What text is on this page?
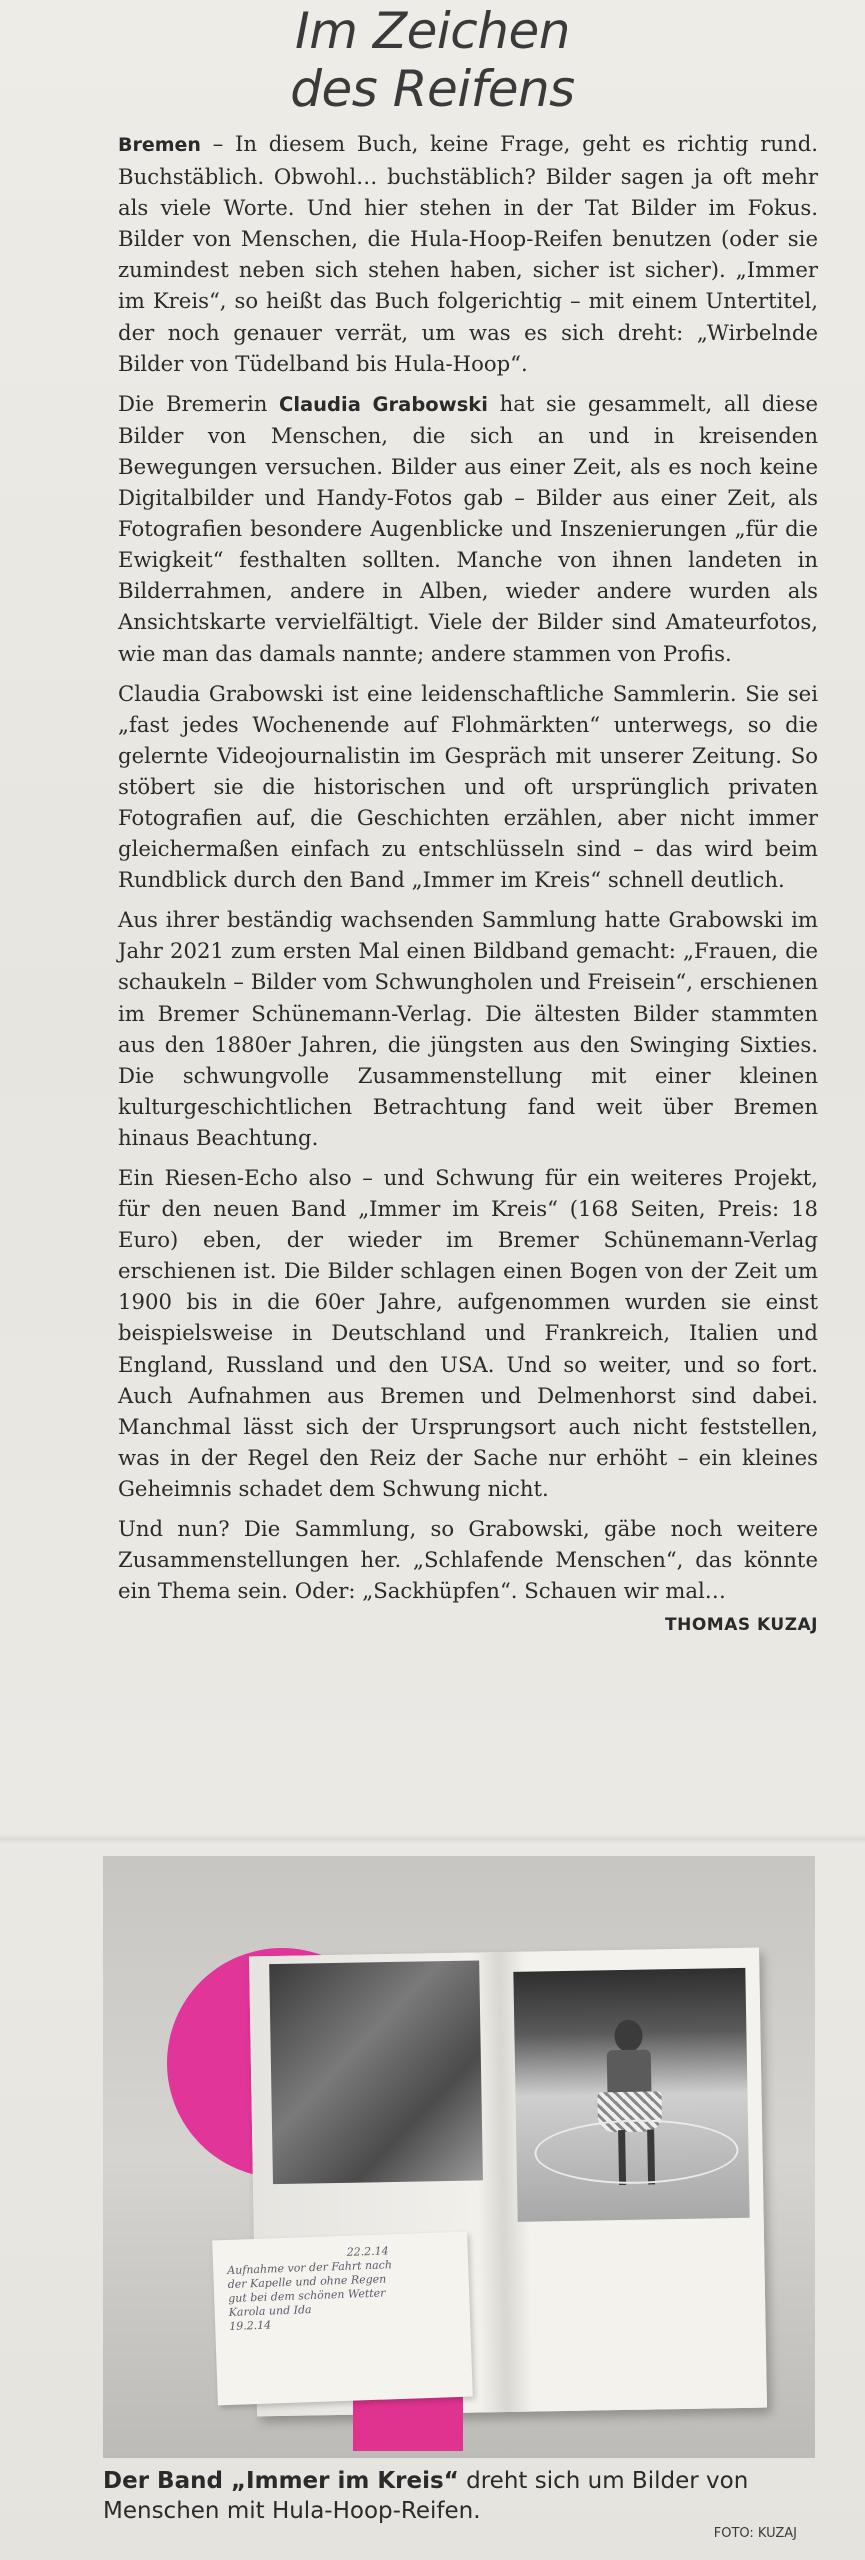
Im Zeichen
des Reifens

Bremen – In diesem Buch, keine Frage, geht es richtig rund. Buchstäblich. Obwohl… buchstäblich? Bilder sagen ja oft mehr als viele Worte. Und hier stehen in der Tat Bilder im Fokus. Bilder von Menschen, die Hula-Hoop-Reifen benutzen (oder sie zumindest neben sich stehen haben, sicher ist sicher). „Immer im Kreis“, so heißt das Buch folgerichtig – mit einem Untertitel, der noch genauer verrät, um was es sich dreht: „Wirbelnde Bilder von Tüdelband bis Hula-Hoop“.

Die Bremerin Claudia Grabowski hat sie gesammelt, all diese Bilder von Menschen, die sich an und in kreisenden Bewegungen versuchen. Bilder aus einer Zeit, als es noch keine Digitalbilder und Handy-Fotos gab – Bilder aus einer Zeit, als Fotografien besondere Augenblicke und Inszenierungen „für die Ewigkeit“ festhalten sollten. Manche von ihnen landeten in Bilderrahmen, andere in Alben, wieder andere wurden als Ansichtskarte vervielfältigt. Viele der Bilder sind Amateurfotos, wie man das damals nannte; andere stammen von Profis.

Claudia Grabowski ist eine leidenschaftliche Sammlerin. Sie sei „fast jedes Wochenende auf Flohmärkten“ unterwegs, so die gelernte Videojournalistin im Gespräch mit unserer Zeitung. So stöbert sie die historischen und oft ursprünglich privaten Fotografien auf, die Geschichten erzählen, aber nicht immer gleichermaßen einfach zu entschlüsseln sind – das wird beim Rundblick durch den Band „Immer im Kreis“ schnell deutlich.

Aus ihrer beständig wachsenden Sammlung hatte Grabowski im Jahr 2021 zum ersten Mal einen Bildband gemacht: „Frauen, die schaukeln – Bilder vom Schwungholen und Freisein“, erschienen im Bremer Schünemann-Verlag. Die ältesten Bilder stammten aus den 1880er Jahren, die jüngsten aus den Swinging Sixties. Die schwungvolle Zusammenstellung mit einer kleinen kulturgeschichtlichen Betrachtung fand weit über Bremen hinaus Beachtung.

Ein Riesen-Echo also – und Schwung für ein weiteres Projekt, für den neuen Band „Immer im Kreis“ (168 Seiten, Preis: 18 Euro) eben, der wieder im Bremer Schünemann-Verlag erschienen ist. Die Bilder schlagen einen Bogen von der Zeit um 1900 bis in die 60er Jahre, aufgenommen wurden sie einst beispielsweise in Deutschland und Frankreich, Italien und England, Russland und den USA. Und so weiter, und so fort. Auch Aufnahmen aus Bremen und Delmenhorst sind dabei. Manchmal lässt sich der Ursprungsort auch nicht feststellen, was in der Regel den Reiz der Sache nur erhöht – ein kleines Geheimnis schadet dem Schwung nicht.

Und nun? Die Sammlung, so Grabowski, gäbe noch weitere Zusammenstellungen her. „Schlafende Menschen“, das könnte ein Thema sein. Oder: „Sackhüpfen“. Schauen wir mal…
THOMAS KUZAJ

22.2.14
Aufnahme vor der Fahrt nach
der Kapelle und ohne Regen
gut bei dem schönen Wetter
Karola und Ida
19.2.14
Der Band „Immer im Kreis“ dreht sich um Bilder von Menschen mit Hula-Hoop-Reifen.
FOTO: KUZAJ
